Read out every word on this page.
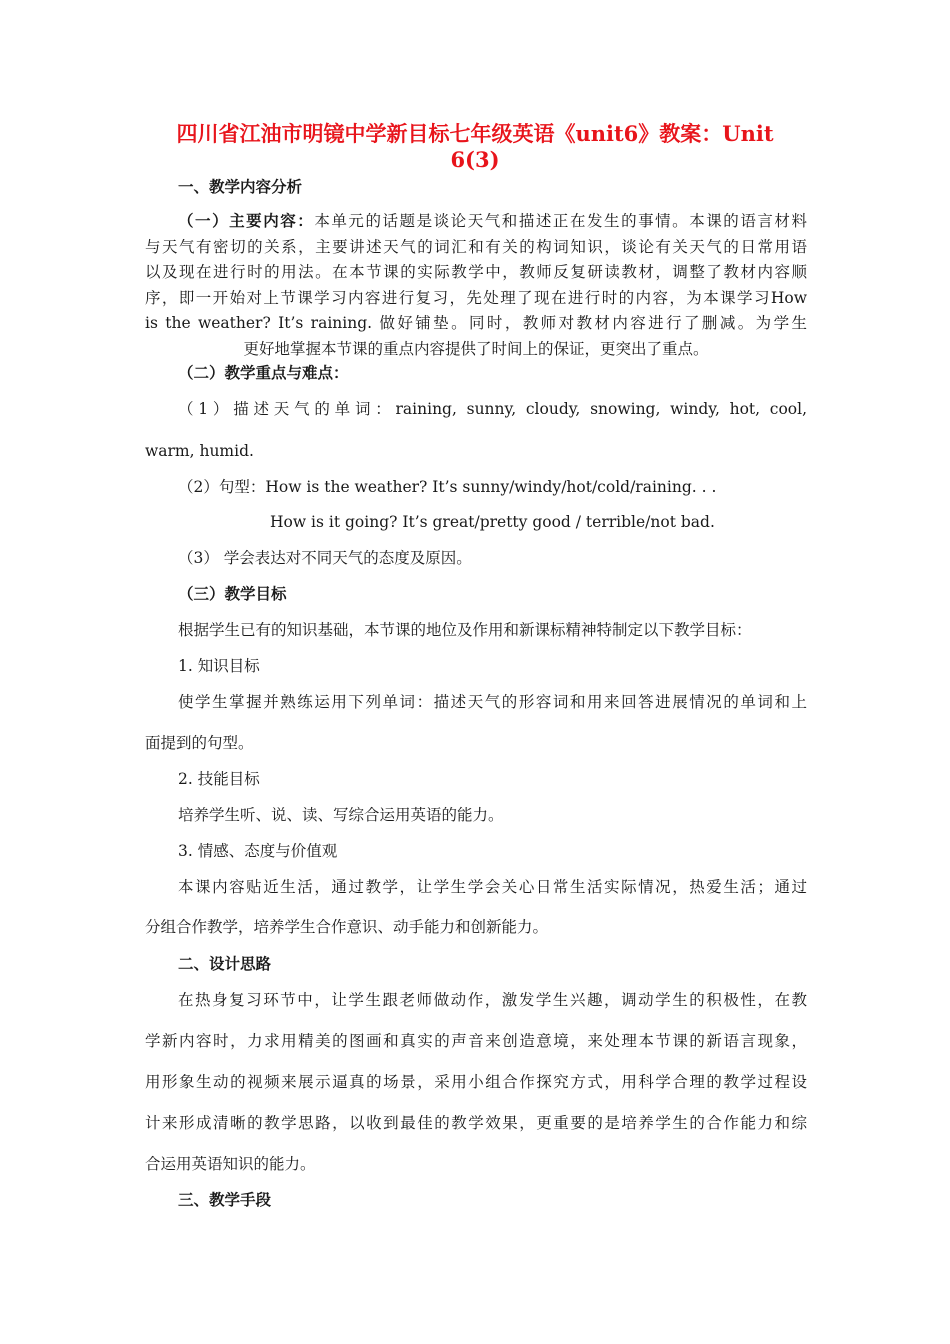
四川省江油市明镜中学新目标七年级英语《unit6》教案：Unit
6(3)
一、教学内容分析
（一）主要内容：本单元的话题是谈论天气和描述正在发生的事情。本课的语言材料
与天气有密切的关系，主要讲述天气的词汇和有关的构词知识，谈论有关天气的日常用语
以及现在进行时的用法。在本节课的实际教学中，教师反复研读教材，调整了教材内容顺
序，即一开始对上节课学习内容进行复习，先处理了现在进行时的内容，为本课学习How
is the weather? It’s raining. 做好铺垫。同时，教师对教材内容进行了删减。为学生
更好地掌握本节课的重点内容提供了时间上的保证，更突出了重点。
（二）教学重点与难点：
（1）描述天气的单词：raining, sunny, cloudy, snowing, windy, hot, cool,
warm, humid.
（2）句型：How is the weather? It’s sunny/windy/hot/cold/raining. . .
How is it going? It’s great/pretty good / terrible/not bad.
（3） 学会表达对不同天气的态度及原因。
（三）教学目标
根据学生已有的知识基础，本节课的地位及作用和新课标精神特制定以下教学目标：
1. 知识目标
使学生掌握并熟练运用下列单词：描述天气的形容词和用来回答进展情况的单词和上
面提到的句型。
2. 技能目标
培养学生听、说、读、写综合运用英语的能力。
3. 情感、态度与价值观
本课内容贴近生活，通过教学，让学生学会关心日常生活实际情况，热爱生活；通过
分组合作教学，培养学生合作意识、动手能力和创新能力。
二、设计思路
在热身复习环节中，让学生跟老师做动作，激发学生兴趣，调动学生的积极性，在教
学新内容时，力求用精美的图画和真实的声音来创造意境，来处理本节课的新语言现象，
用形象生动的视频来展示逼真的场景，采用小组合作探究方式，用科学合理的教学过程设
计来形成清晰的教学思路，以收到最佳的教学效果，更重要的是培养学生的合作能力和综
合运用英语知识的能力。
三、教学手段
